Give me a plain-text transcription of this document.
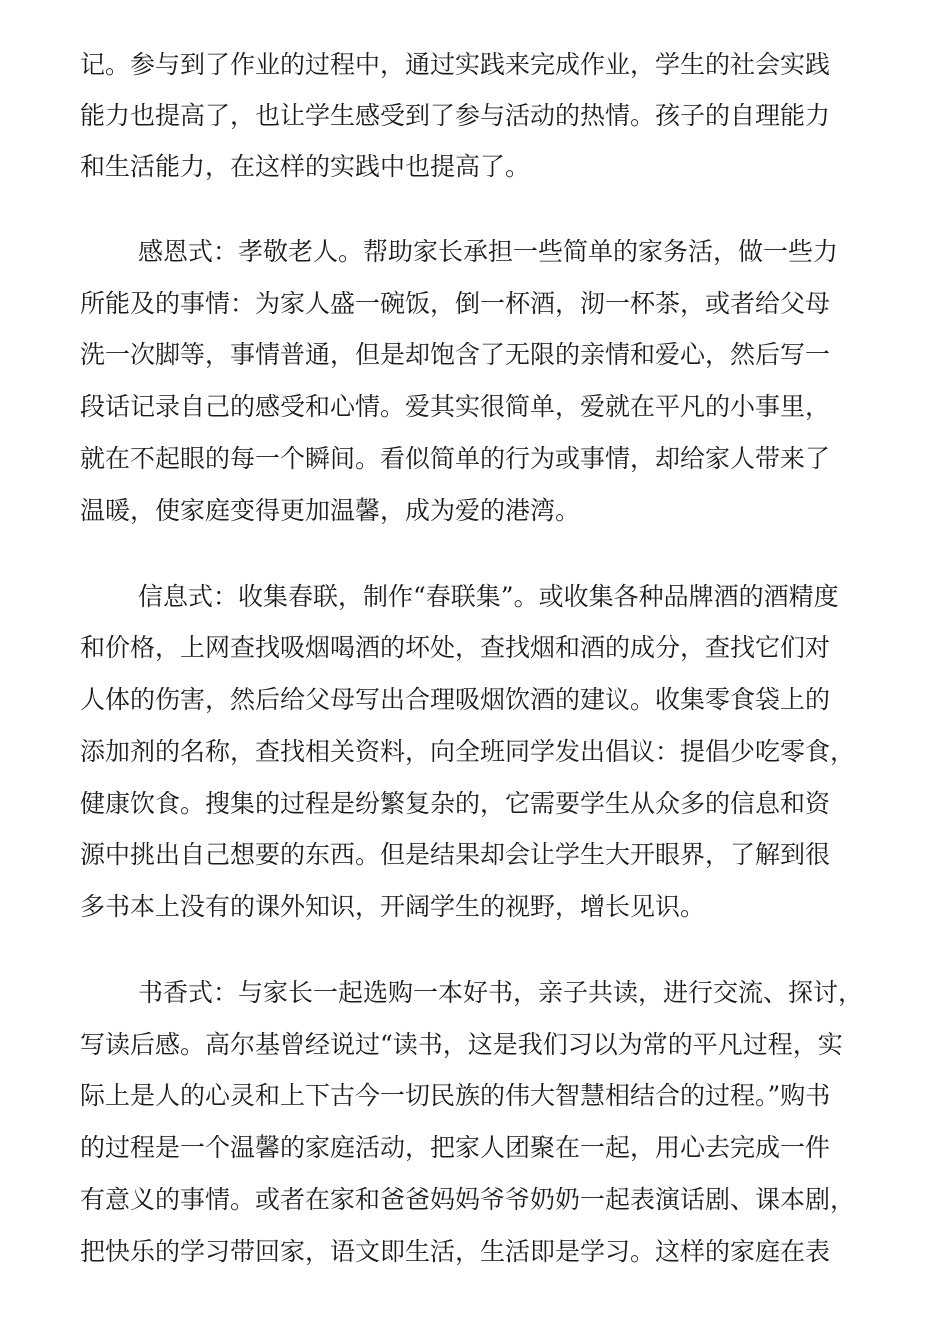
记。参与到了作业的过程中，通过实践来完成作业，学生的社会实践
能力也提高了，也让学生感受到了参与活动的热情。孩子的自理能力
和生活能力，在这样的实践中也提高了。
感恩式：孝敬老人。帮助家长承担一些简单的家务活，做一些力
所能及的事情：为家人盛一碗饭，倒一杯酒，沏一杯茶，或者给父母
洗一次脚等，事情普通，但是却饱含了无限的亲情和爱心，然后写一
段话记录自己的感受和心情。爱其实很简单，爱就在平凡的小事里，
就在不起眼的每一个瞬间。看似简单的行为或事情，却给家人带来了
温暖，使家庭变得更加温馨，成为爱的港湾。
信息式：收集春联，制作“春联集”。或收集各种品牌酒的酒精度
和价格，上网查找吸烟喝酒的坏处，查找烟和酒的成分，查找它们对
人体的伤害，然后给父母写出合理吸烟饮酒的建议。收集零食袋上的
添加剂的名称，查找相关资料，向全班同学发出倡议：提倡少吃零食，
健康饮食。搜集的过程是纷繁复杂的，它需要学生从众多的信息和资
源中挑出自己想要的东西。但是结果却会让学生大开眼界，了解到很
多书本上没有的课外知识，开阔学生的视野，增长见识。
书香式：与家长一起选购一本好书，亲子共读，进行交流、探讨，
写读后感。高尔基曾经说过“读书，这是我们习以为常的平凡过程，实
际上是人的心灵和上下古今一切民族的伟大智慧相结合的过程。”购书
的过程是一个温馨的家庭活动，把家人团聚在一起，用心去完成一件
有意义的事情。或者在家和爸爸妈妈爷爷奶奶一起表演话剧、课本剧，
把快乐的学习带回家，语文即生活，生活即是学习。这样的家庭在表
